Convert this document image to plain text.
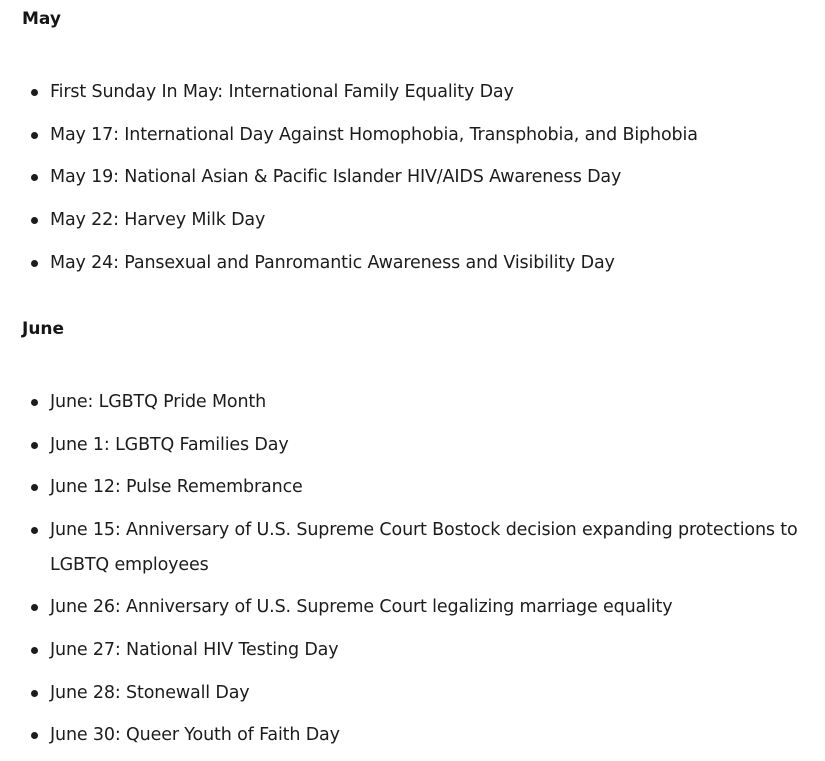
May
First Sunday In May: International Family Equality Day
May 17: International Day Against Homophobia, Transphobia, and Biphobia
May 19: National Asian & Pacific Islander HIV/AIDS Awareness Day
May 22: Harvey Milk Day
May 24: Pansexual and Panromantic Awareness and Visibility Day
June
June: LGBTQ Pride Month
June 1: LGBTQ Families Day
June 12: Pulse Remembrance
June 15: Anniversary of U.S. Supreme Court Bostock decision expanding protections to LGBTQ employees
June 26: Anniversary of U.S. Supreme Court legalizing marriage equality
June 27: National HIV Testing Day
June 28: Stonewall Day
June 30: Queer Youth of Faith Day
